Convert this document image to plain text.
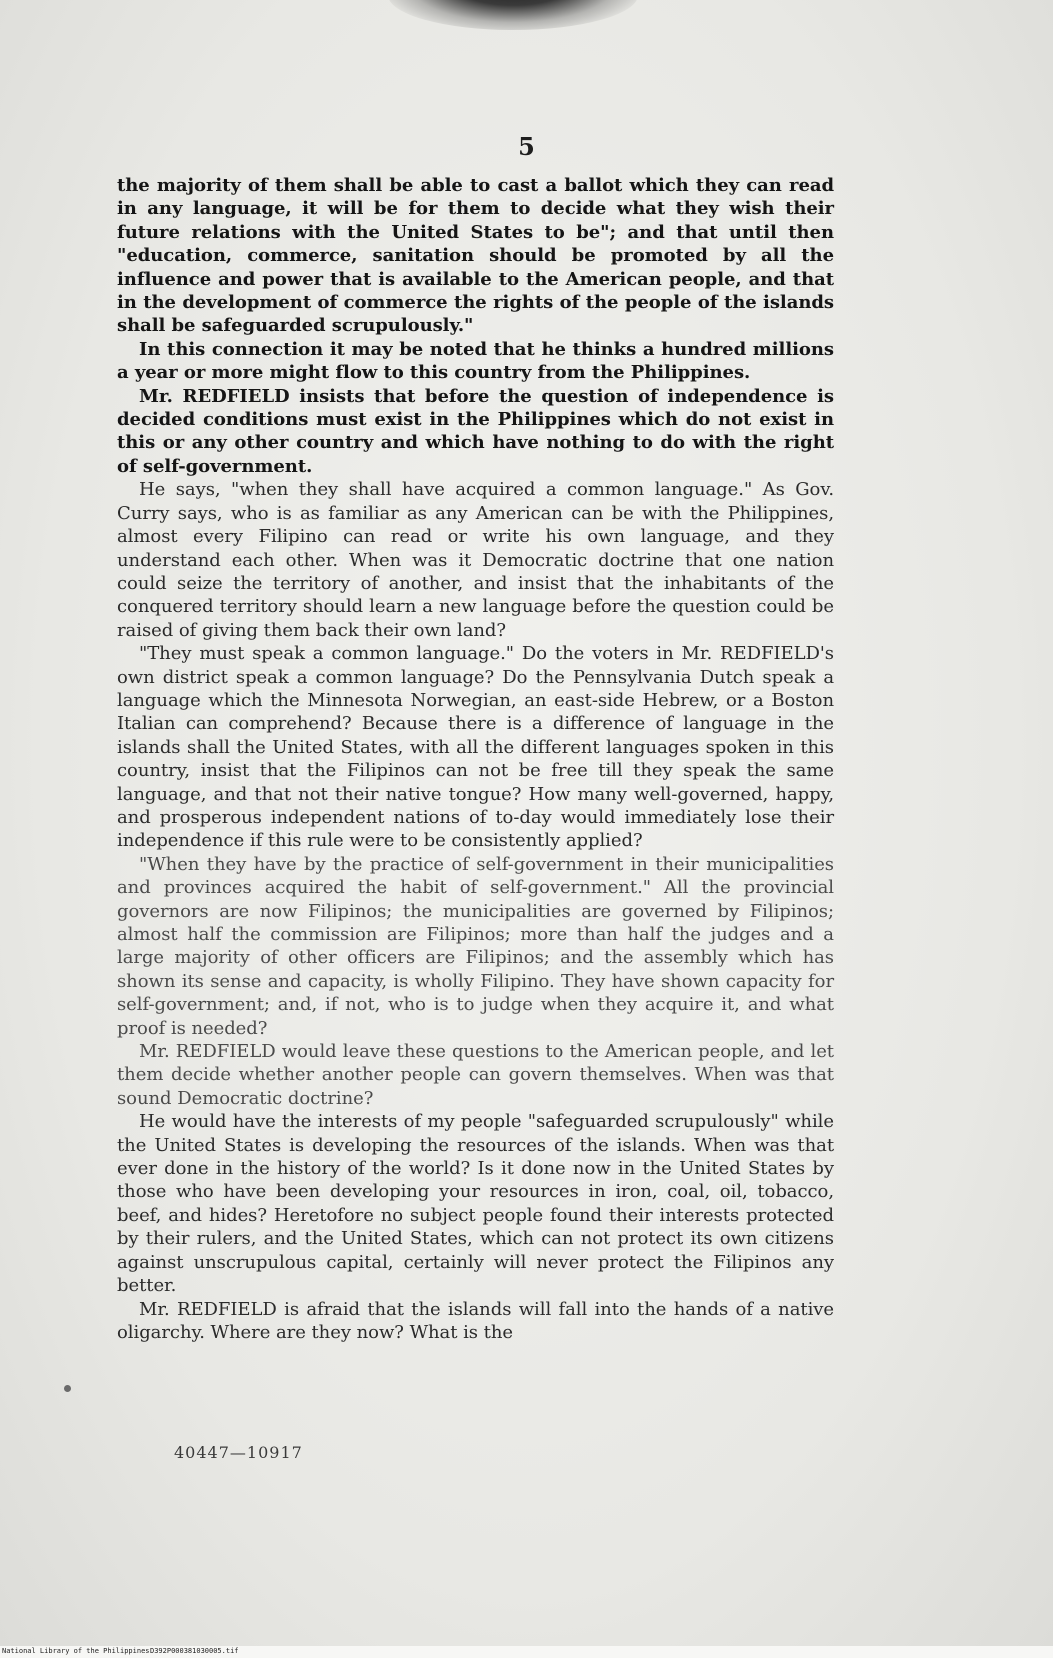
5

the majority of them shall be able to cast a ballot which they can read in any language, it will be for them to decide what they wish their future relations with the United States to be"; and that until then "education, commerce, sanitation should be promoted by all the influence and power that is available to the American people, and that in the development of commerce the rights of the people of the islands shall be safeguarded scrupulously."

In this connection it may be noted that he thinks a hundred millions a year or more might flow to this country from the Philippines.

Mr. REDFIELD insists that before the question of independence is decided conditions must exist in the Philippines which do not exist in this or any other country and which have nothing to do with the right of self-government.

He says, "when they shall have acquired a common language." As Gov. Curry says, who is as familiar as any American can be with the Philippines, almost every Filipino can read or write his own language, and they understand each other. When was it Democratic doctrine that one nation could seize the territory of another, and insist that the inhabitants of the conquered territory should learn a new language before the question could be raised of giving them back their own land?

"They must speak a common language." Do the voters in Mr. REDFIELD's own district speak a common language? Do the Pennsylvania Dutch speak a language which the Minnesota Norwegian, an east-side Hebrew, or a Boston Italian can comprehend? Because there is a difference of language in the islands shall the United States, with all the different languages spoken in this country, insist that the Filipinos can not be free till they speak the same language, and that not their native tongue? How many well-governed, happy, and prosperous independent nations of to-day would immediately lose their independence if this rule were to be consistently applied?

"When they have by the practice of self-government in their municipalities and provinces acquired the habit of self-government." All the provincial governors are now Filipinos; the municipalities are governed by Filipinos; almost half the commission are Filipinos; more than half the judges and a large majority of other officers are Filipinos; and the assembly which has shown its sense and capacity, is wholly Filipino. They have shown capacity for self-government; and, if not, who is to judge when they acquire it, and what proof is needed?

Mr. REDFIELD would leave these questions to the American people, and let them decide whether another people can govern themselves. When was that sound Democratic doctrine?

He would have the interests of my people "safeguarded scrupulously" while the United States is developing the resources of the islands. When was that ever done in the history of the world? Is it done now in the United States by those who have been developing your resources in iron, coal, oil, tobacco, beef, and hides? Heretofore no subject people found their interests protected by their rulers, and the United States, which can not protect its own citizens against unscrupulous capital, certainly will never protect the Filipinos any better.

Mr. REDFIELD is afraid that the islands will fall into the hands of a native oligarchy. Where are they now? What is the

40447—10917
National Library of the Philippines D392P000381030005.tif
